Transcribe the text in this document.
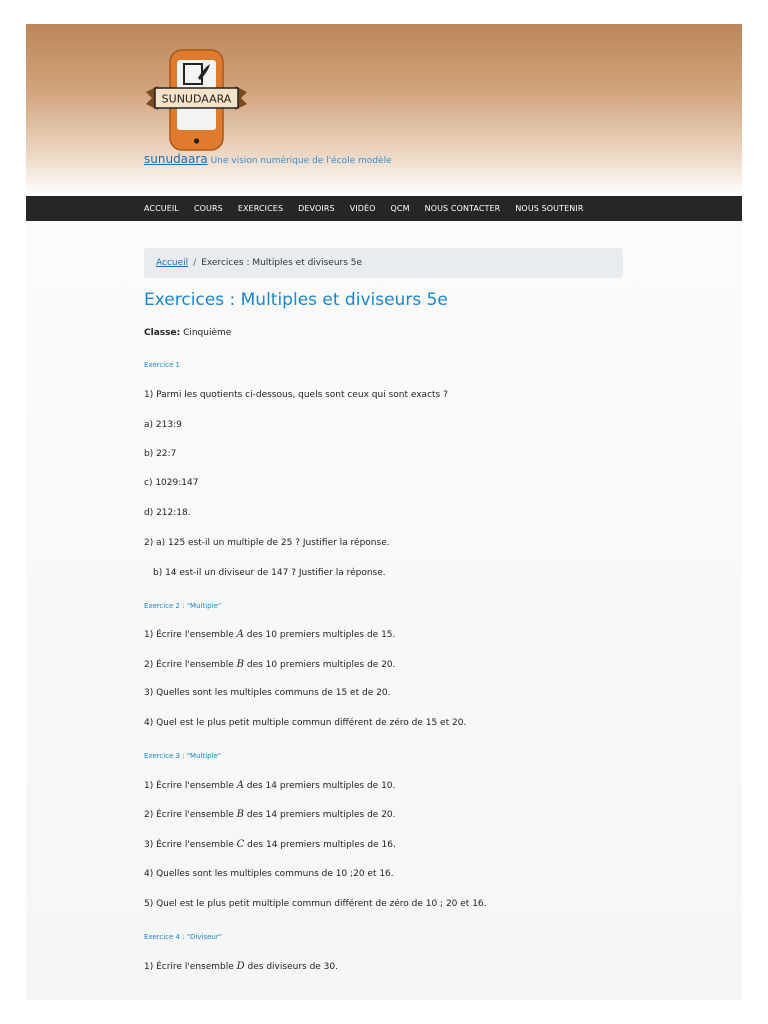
SUNUDAARA
sunudaara Une vision numérique de l'école modèle
ACCUEIL COURS EXERCICES DEVOIRS VIDÉO QCM NOUS CONTACTER NOUS SOUTENIR
Accueil / Exercices : Multiples et diviseurs 5e
Exercices : Multiples et diviseurs 5e
Classe: Cinquième
Exercice 1
1) Parmi les quotients ci-dessous, quels sont ceux qui sont exacts ?
a) 213:9
b) 22:7
c) 1029:147
d) 212:18.
2) a) 125 est-il un multiple de 25 ? Justifier la réponse.
b) 14 est-il un diviseur de 147 ? Justifier la réponse.
Exercice 2 : "Multiple"
1) Écrire l'ensemble A des 10 premiers multiples de 15.
2) Écrire l'ensemble B des 10 premiers multiples de 20.
3) Quelles sont les multiples communs de 15 et de 20.
4) Quel est le plus petit multiple commun différent de zéro de 15 et 20.
Exercice 3 : "Multiple"
1) Écrire l'ensemble A des 14 premiers multiples de 10.
2) Écrire l'ensemble B des 14 premiers multiples de 20.
3) Écrire l'ensemble C des 14 premiers multiples de 16.
4) Quelles sont les multiples communs de 10 ;20 et 16.
5) Quel est le plus petit multiple commun différent de zéro de 10 ; 20 et 16.
Exercice 4 : "Diviseur"
1) Écrire l'ensemble D des diviseurs de 30.
